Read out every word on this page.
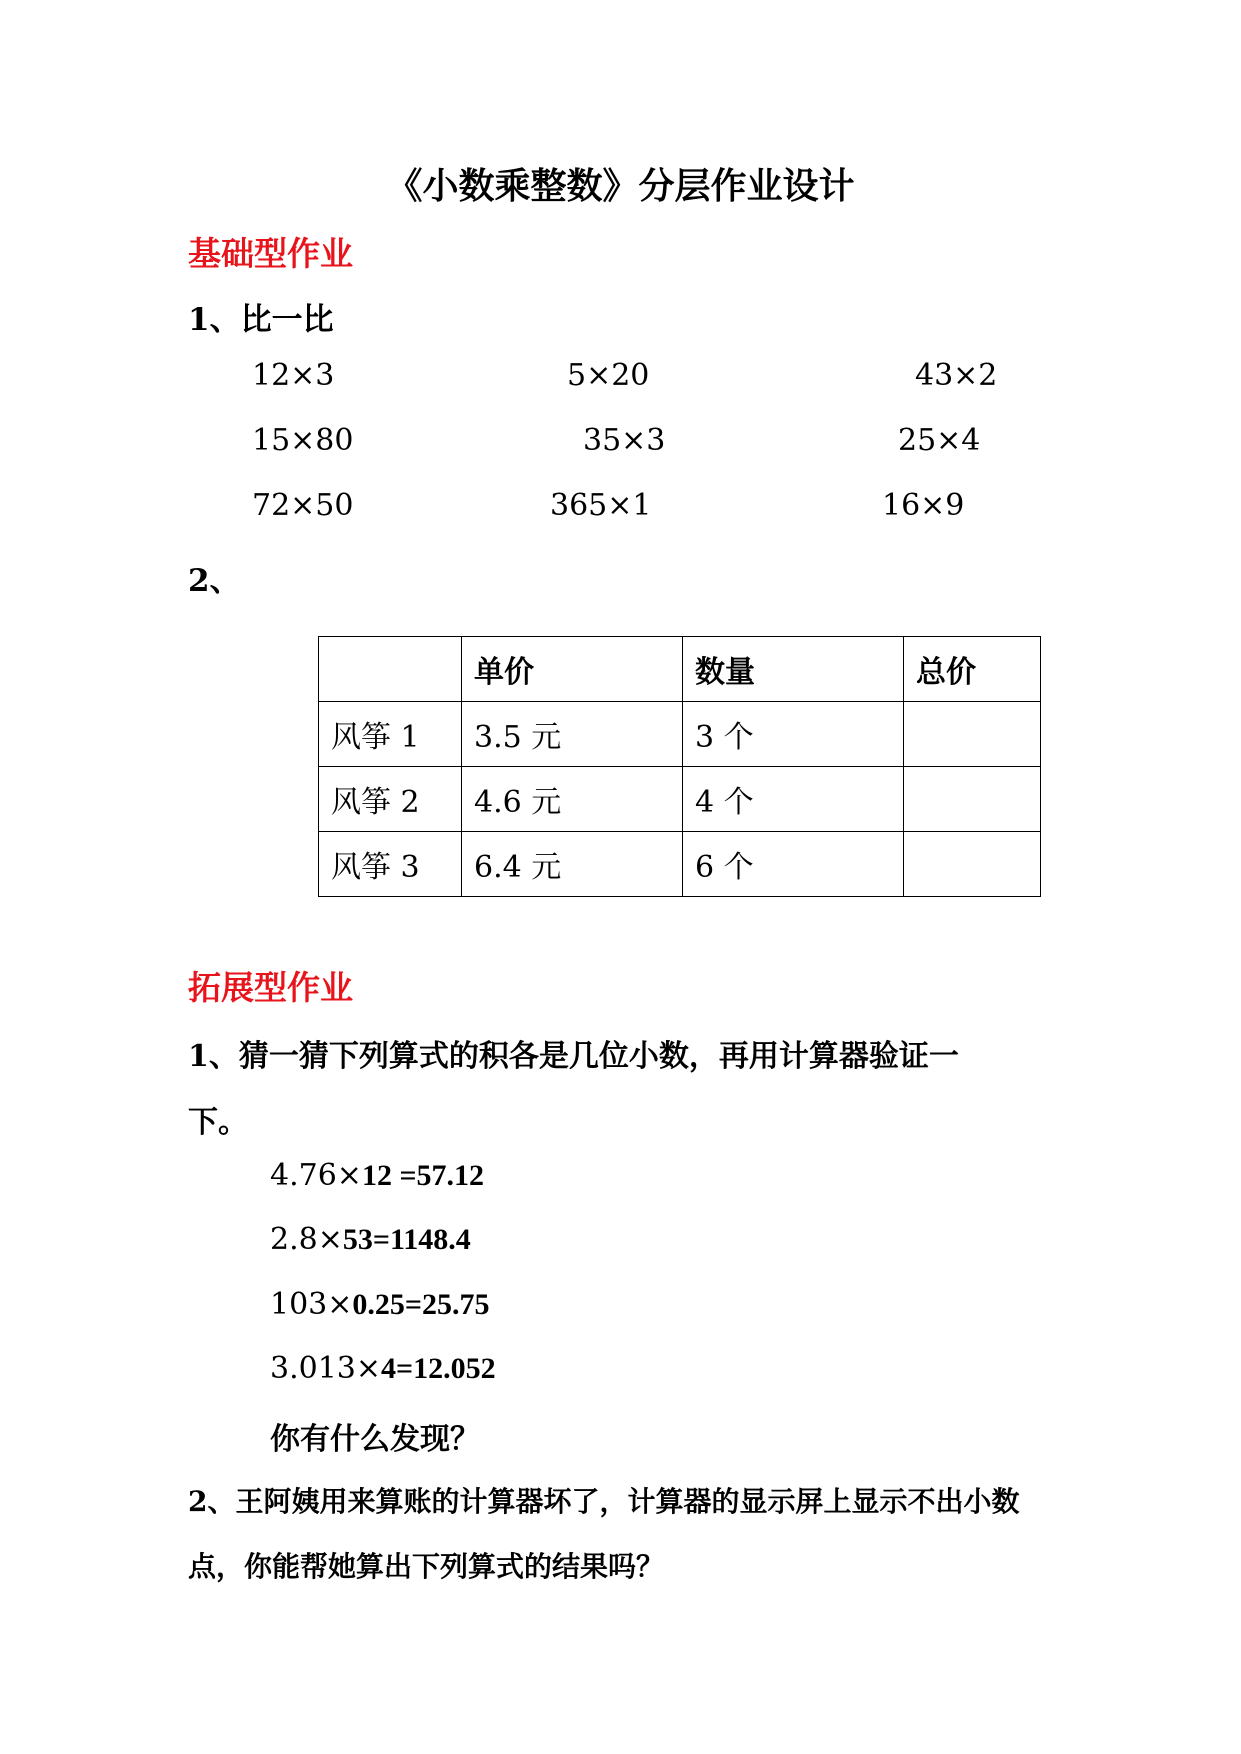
《小数乘整数》分层作业设计
基础型作业
1、比一比
12×3	5×20	43×2
15×80	35×3	25×4
72×50	365×1	16×9
2、
	单价	数量	总价
风筝 1	3.5 元	3 个	
风筝 2	4.6 元	4 个	
风筝 3	6.4 元	6 个	
拓展型作业
1、猜一猜下列算式的积各是几位小数，再用计算器验证一
下。
4.76×12 =57.12
2.8×53=1148.4
103×0.25=25.75
3.013×4=12.052
你有什么发现？
2、王阿姨用来算账的计算器坏了，计算器的显示屏上显示不出小数
点，你能帮她算出下列算式的结果吗？
